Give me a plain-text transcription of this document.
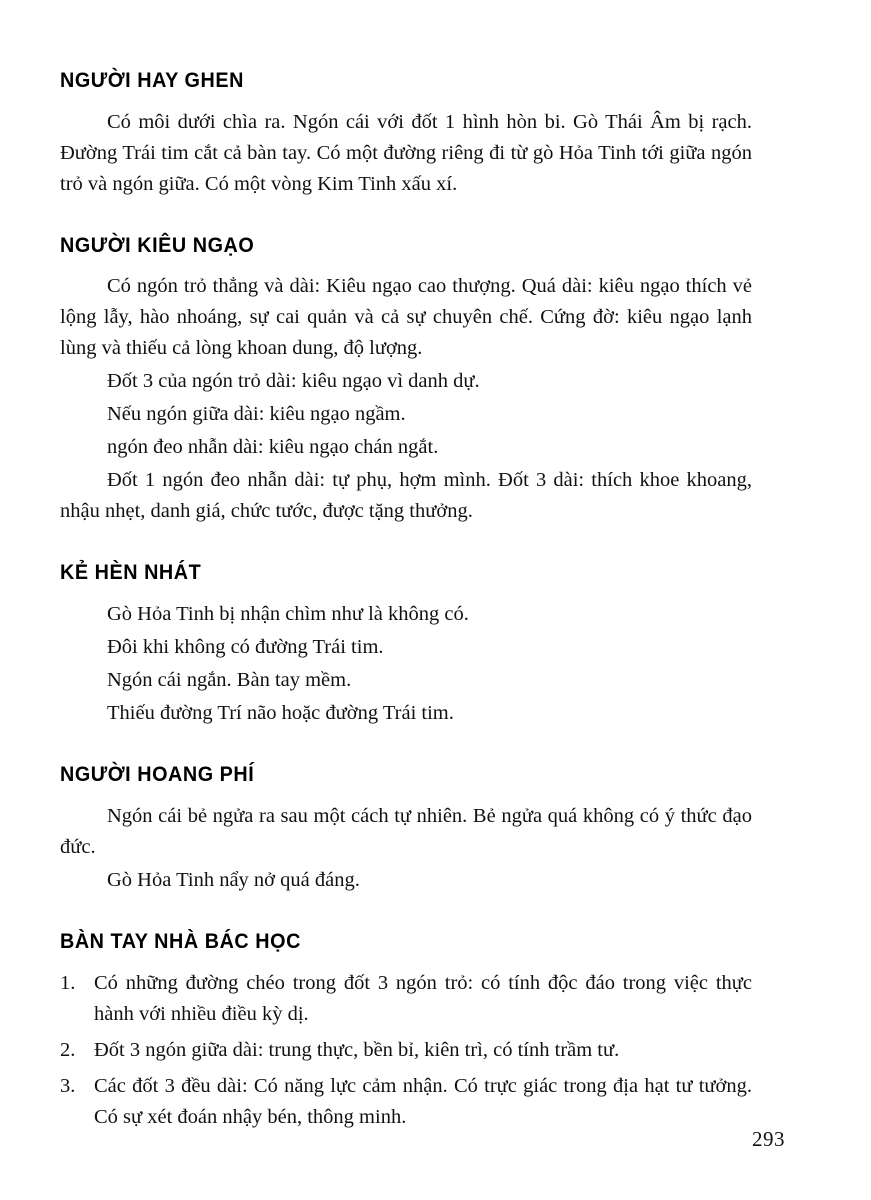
NGƯỜI HAY GHEN

Có môi dưới chìa ra. Ngón cái với đốt 1 hình hòn bi. Gò Thái Âm bị rạch. Đường Trái tim cắt cả bàn tay. Có một đường riêng đi từ gò Hỏa Tinh tới giữa ngón trỏ và ngón giữa. Có một vòng Kim Tinh xấu xí.

NGƯỜI KIÊU NGẠO

Có ngón trỏ thẳng và dài: Kiêu ngạo cao thượng. Quá dài: kiêu ngạo thích vẻ lộng lẫy, hào nhoáng, sự cai quản và cả sự chuyên chế. Cứng đờ: kiêu ngạo lạnh lùng và thiếu cả lòng khoan dung, độ lượng.

Đốt 3 của ngón trỏ dài: kiêu ngạo vì danh dự.

Nếu ngón giữa dài: kiêu ngạo ngầm.

ngón đeo nhẫn dài: kiêu ngạo chán ngắt.

Đốt 1 ngón đeo nhẫn dài: tự phụ, hợm mình. Đốt 3 dài: thích khoe khoang, nhậu nhẹt, danh giá, chức tước, được tặng thưởng.

KẺ HÈN NHÁT

Gò Hỏa Tinh bị nhận chìm như là không có.

Đôi khi không có đường Trái tim.

Ngón cái ngắn. Bàn tay mềm.

Thiếu đường Trí não hoặc đường Trái tim.

NGƯỜI HOANG PHÍ

Ngón cái bẻ ngửa ra sau một cách tự nhiên. Bẻ ngửa quá không có ý thức đạo đức.

Gò Hỏa Tinh nẩy nở quá đáng.

BÀN TAY NHÀ BÁC HỌC
1. Có những đường chéo trong đốt 3 ngón trỏ: có tính độc đáo trong việc thực hành với nhiều điều kỳ dị.
2. Đốt 3 ngón giữa dài: trung thực, bền bỉ, kiên trì, có tính trầm tư.
3. Các đốt 3 đều dài: Có năng lực cảm nhận. Có trực giác trong địa hạt tư tưởng. Có sự xét đoán nhậy bén, thông minh.
293
